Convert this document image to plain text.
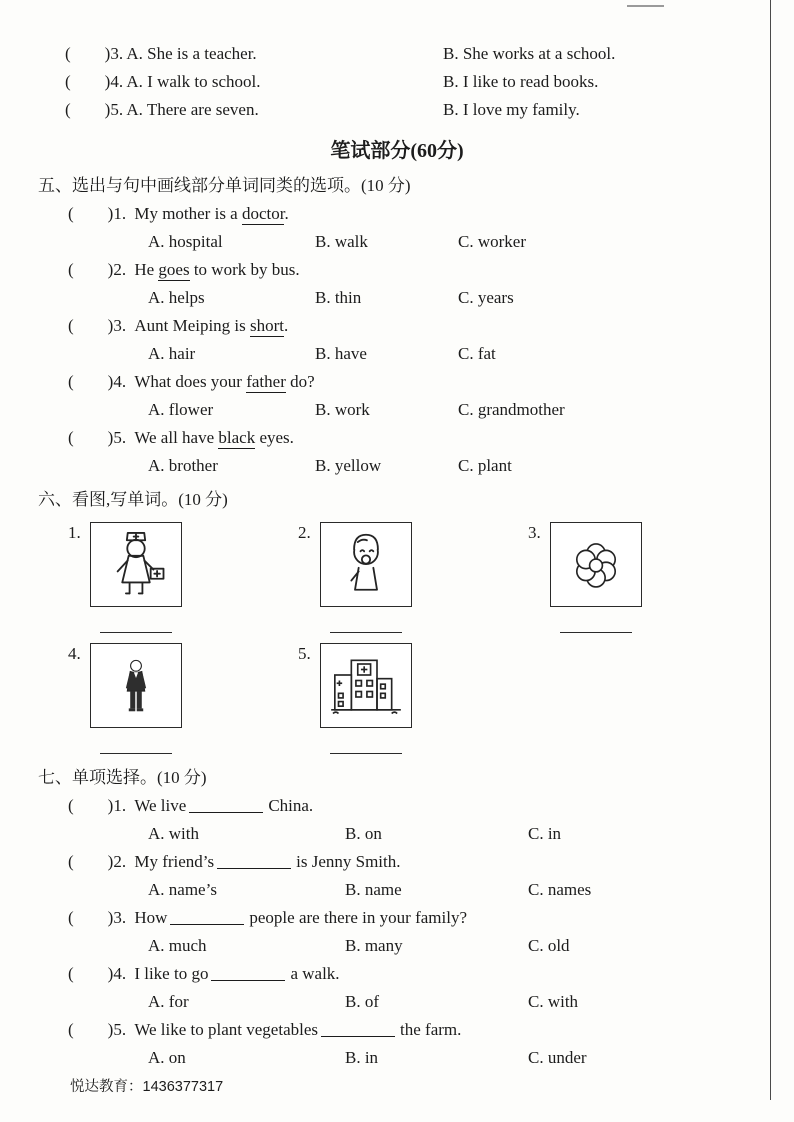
(  )3. A. She is a teacher.	B. She works at a school.
(  )4. A. I walk to school.	B. I like to read books.
(  )5. A. There are seven.	B. I love my family.
笔试部分(60分)
五、选出与句中画线部分单词同类的选项。(10 分)
(  )1. My mother is a doctor.
A. hospital	B. walk	C. worker
(  )2. He goes to work by bus.
A. helps	B. thin	C. years
(  )3. Aunt Meiping is short.
A. hair	B. have	C. fat
(  )4. What does your father do?
A. flower	B. work	C. grandmother
(  )5. We all have black eyes.
A. brother	B. yellow	C. plant
六、看图,写单词。(10 分)
1.	2.	3.
4.	5.
七、单项选择。(10 分)
(  )1. We live	China.
A. with	B. on	C. in
(  )2. My friend’s	is Jenny Smith.
A. name’s	B. name	C. names
(  )3. How	people are there in your family?
A. much	B. many	C. old
(  )4. I like to go	a walk.
A. for	B. of	C. with
(  )5. We like to plant vegetables	the farm.
A. on	B. in	C. under
悦达教育：1436377317
